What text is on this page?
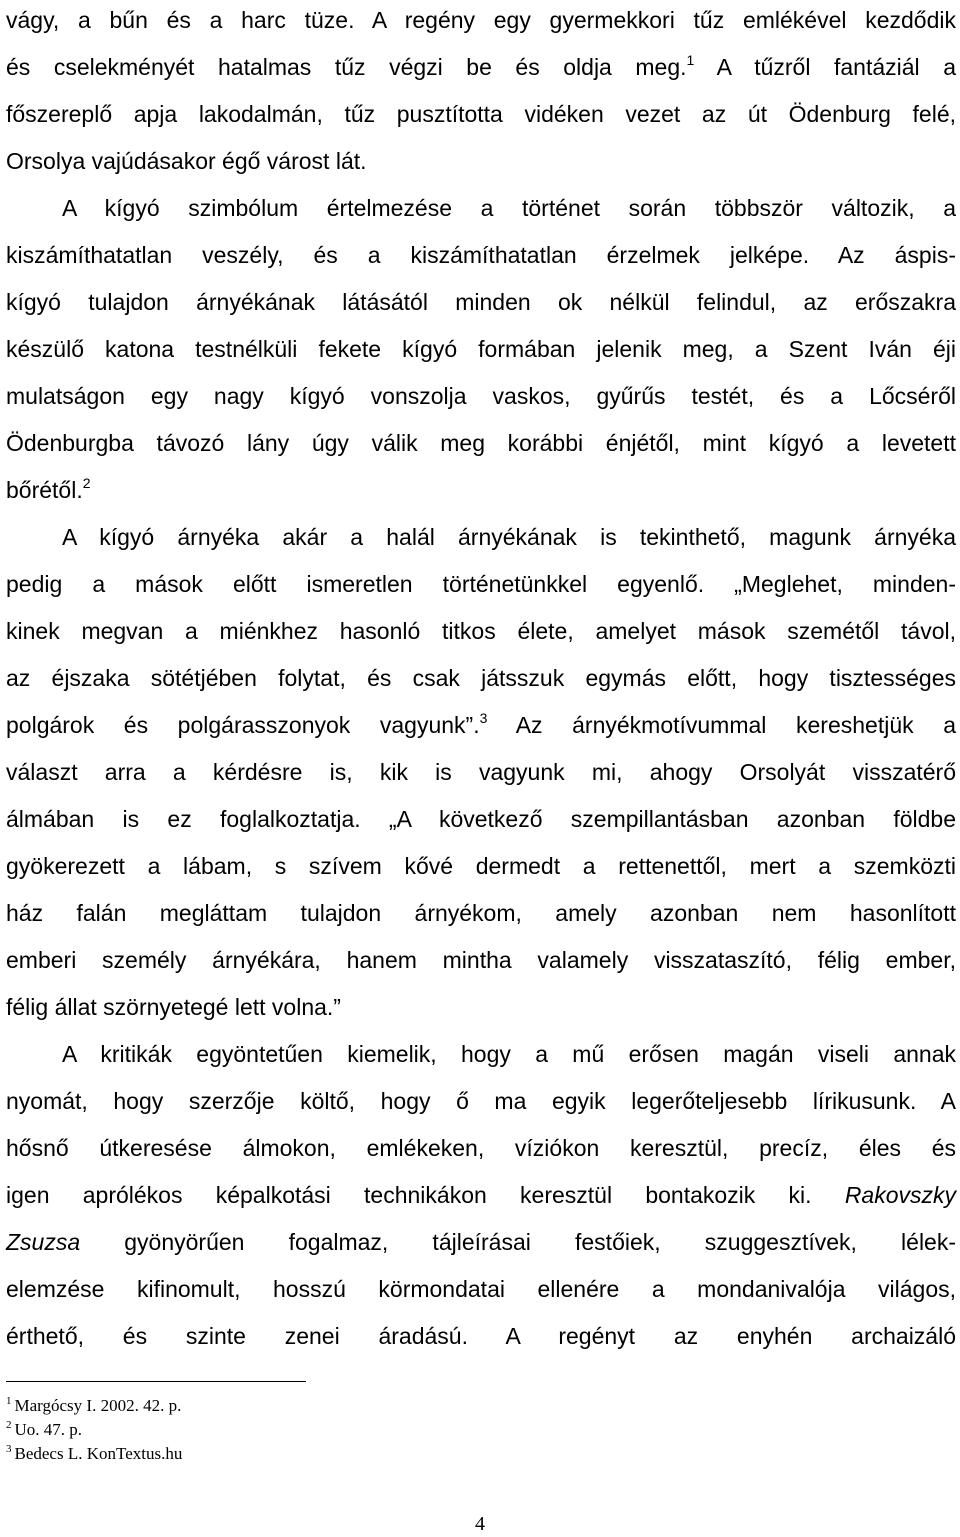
vágy, a bűn és a harc tüze. A regény egy gyermekkori tűz emlékével kezdődik
és cselekményét hatalmas tűz végzi be és oldja meg.$^1$ A tűzről fantáziál a
főszereplő apja lakodalmán, tűz pusztította vidéken vezet az út Ödenburg felé,
Orsolya vajúdásakor égő várost lát.
A kígyó szimbólum értelmezése a történet során többször változik, a
kiszámíthatatlan veszély, és a kiszámíthatatlan érzelmek jelképe. Az áspis-
kígyó tulajdon árnyékának látásától minden ok nélkül felindul, az erőszakra
készülő katona testnélküli fekete kígyó formában jelenik meg, a Szent Iván éji
mulatságon egy nagy kígyó vonszolja vaskos, gyűrűs testét, és a Lőcséről
Ödenburgba távozó lány úgy válik meg korábbi énjétől, mint kígyó a levetett
bőrétől.$^2$
A kígyó árnyéka akár a halál árnyékának is tekinthető, magunk árnyéka
pedig a mások előtt ismeretlen történetünkkel egyenlő. „Meglehet, minden-
kinek megvan a miénkhez hasonló titkos élete, amelyet mások szemétől távol,
az éjszaka sötétjében folytat, és csak játsszuk egymás előtt, hogy tisztességes
polgárok és polgárasszonyok vagyunk”.$^3$ Az árnyékmotívummal kereshetjük a
választ arra a kérdésre is, kik is vagyunk mi, ahogy Orsolyát visszatérő
álmában is ez foglalkoztatja. „A következő szempillantásban azonban földbe
gyökerezett a lábam, s szívem kővé dermedt a rettenettől, mert a szemközti
ház falán megláttam tulajdon árnyékom, amely azonban nem hasonlított
emberi személy árnyékára, hanem mintha valamely visszataszító, félig ember,
félig állat szörnyetegé lett volna.”
A kritikák egyöntetűen kiemelik, hogy a mű erősen magán viseli annak
nyomát, hogy szerzője költő, hogy ő ma egyik legerőteljesebb lírikusunk. A
hősnő útkeresése álmokon, emlékeken, víziókon keresztül, precíz, éles és
igen aprólékos képalkotási technikákon keresztül bontakozik ki. Rakovszky
Zsuzsa gyönyörűen fogalmaz, tájleírásai festőiek, szuggesztívek, lélek-
elemzése kifinomult, hosszú körmondatai ellenére a mondanivalója világos,
érthető, és szinte zenei áradású. A regényt az enyhén archaizáló
$^1$ Margócsy I. 2002. 42. p.
$^2$ Uo. 47. p.
$^3$ Bedecs L. KonTextus.hu
4
